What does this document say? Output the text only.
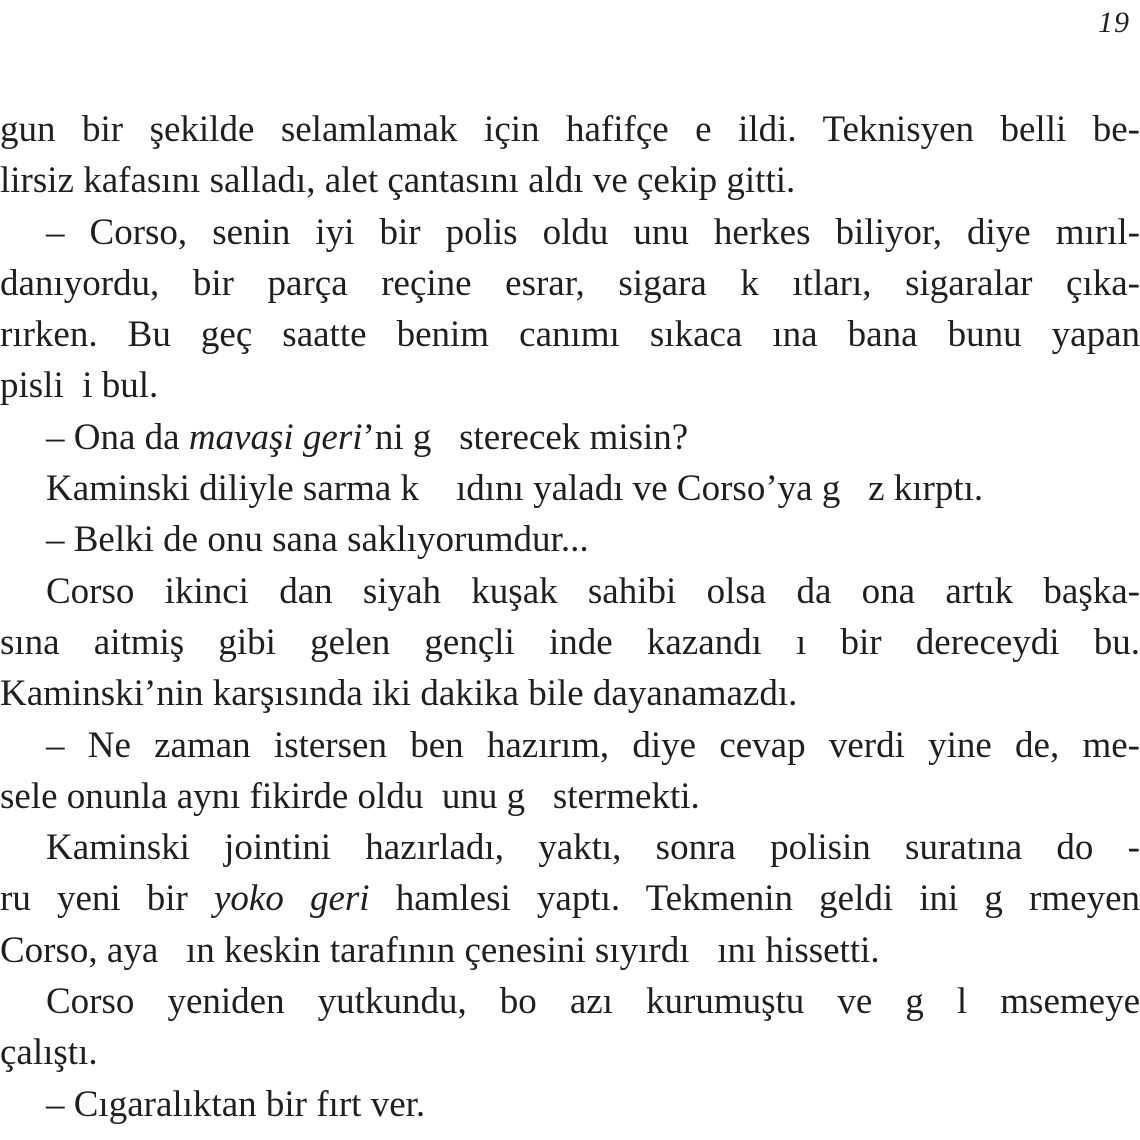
19
gun bir şekilde selamlamak için hafifçe e ildi. Teknisyen belli be-
lirsiz kafasını salladı, alet çantasını aldı ve çekip gitti.
– Corso, senin iyi bir polis oldu unu herkes biliyor, diye mırıl-
danıyordu, bir parça reçine esrar, sigara k ıtları, sigaralar çıka-
rırken. Bu geç saatte benim canımı sıkaca ına bana bunu yapan
pisli  i bul.
– Ona da mavaşi geri’ni g   sterecek misin?
Kaminski diliyle sarma k    ıdını yaladı ve Corso’ya g   z kırptı.
– Belki de onu sana saklıyorumdur...
Corso ikinci dan siyah kuşak sahibi olsa da ona artık başka-
sına aitmiş gibi gelen gençli inde kazandı ı bir dereceydi bu.
Kaminski’nin karşısında iki dakika bile dayanamazdı.
– Ne zaman istersen ben hazırım, diye cevap verdi yine de, me-
sele onunla aynı fikirde oldu  unu g   stermekti.
Kaminski jointini hazırladı, yaktı, sonra polisin suratına do -
ru yeni bir yoko geri hamlesi yaptı. Tekmenin geldi ini g rmeyen
Corso, aya   ın keskin tarafının çenesini sıyırdı   ını hissetti.
Corso yeniden yutkundu, bo azı kurumuştu ve g l msemeye
çalıştı.
– Cıgaralıktan bir fırt ver.
